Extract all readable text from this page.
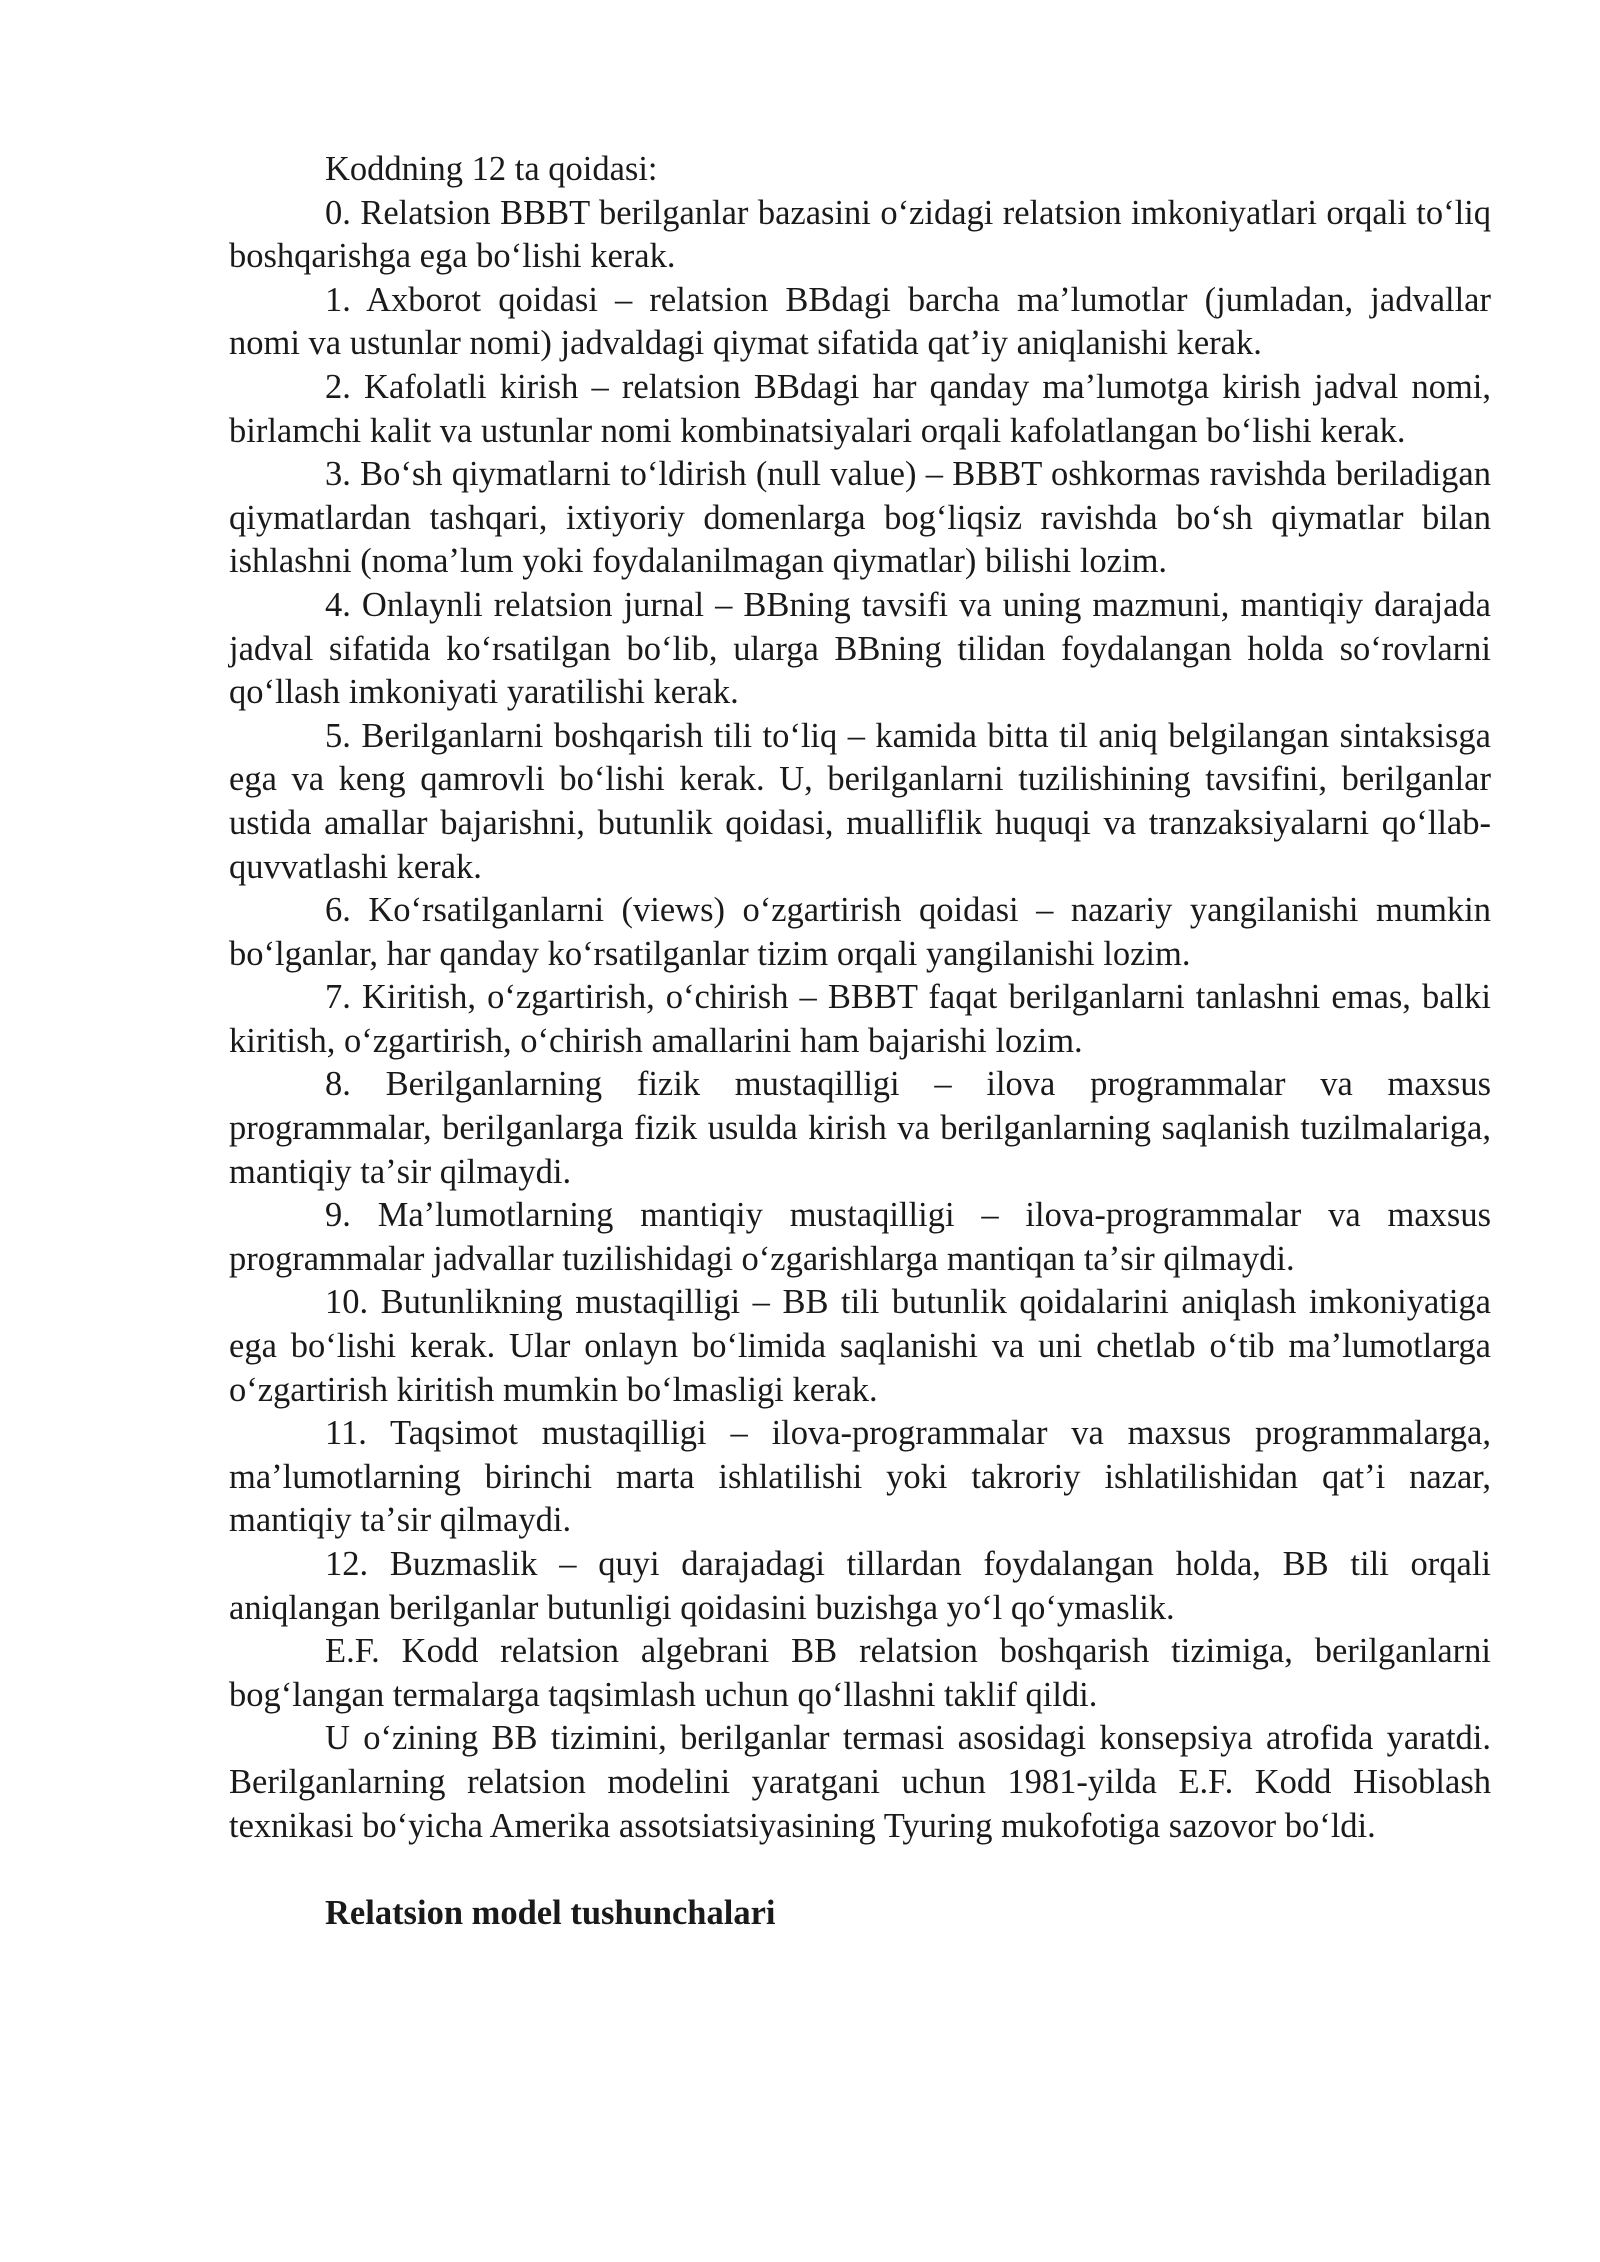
Koddning 12 ta qoidasi:

0. Relatsion BBBT berilganlar bazasini oʻzidagi relatsion imkoniyatlari orqali toʻliq boshqarishga ega boʻlishi kerak.

1. Axborot qoidasi – relatsion BBdagi barcha maʼlumotlar (jumladan, jadvallar nomi va ustunlar nomi) jadvaldagi qiymat sifatida qatʼiy aniqlanishi kerak.

2. Kafolatli kirish – relatsion BBdagi har qanday maʼlumotga kirish jadval nomi, birlamchi kalit va ustunlar nomi kombinatsiyalari orqali kafolatlangan boʻlishi kerak.

3. Boʻsh qiymatlarni toʻldirish (null value) – BBBT oshkormas ravishda beriladigan qiymatlardan tashqari, ixtiyoriy domenlarga bogʻliqsiz ravishda boʻsh qiymatlar bilan ishlashni (nomaʼlum yoki foydalanilmagan qiymatlar) bilishi lozim.

4. Onlaynli relatsion jurnal – BBning tavsifi va uning mazmuni, mantiqiy darajada jadval sifatida koʻrsatilgan boʻlib, ularga BBning tilidan foydalangan holda soʻrovlarni qoʻllash imkoniyati yaratilishi kerak.

5. Berilganlarni boshqarish tili toʻliq – kamida bitta til aniq belgilangan sintaksisga ega va keng qamrovli boʻlishi kerak. U, berilganlarni tuzilishining tavsifini, berilganlar ustida amallar bajarishni, butunlik qoidasi, mualliflik huquqi va tranzaksiyalarni qoʻllab-quvvatlashi kerak.

6. Koʻrsatilganlarni (views) oʻzgartirish qoidasi – nazariy yangilanishi mumkin boʻlganlar, har qanday koʻrsatilganlar tizim orqali yangilanishi lozim.

7. Kiritish, oʻzgartirish, oʻchirish – BBBT faqat berilganlarni tanlashni emas, balki kiritish, oʻzgartirish, oʻchirish amallarini ham bajarishi lozim.

8. Berilganlarning fizik mustaqilligi – ilova programmalar va maxsus programmalar, berilganlarga fizik usulda kirish va berilganlarning saqlanish tuzilmalariga, mantiqiy taʼsir qilmaydi.

9. Maʼlumotlarning mantiqiy mustaqilligi – ilova-programmalar va maxsus programmalar jadvallar tuzilishidagi oʻzgarishlarga mantiqan taʼsir qilmaydi.

10. Butunlikning mustaqilligi – BB tili butunlik qoidalarini aniqlash imkoniyatiga ega boʻlishi kerak. Ular onlayn boʻlimida saqlanishi va uni chetlab oʻtib maʼlumotlarga oʻzgartirish kiritish mumkin boʻlmasligi kerak.

11. Taqsimot mustaqilligi – ilova-programmalar va maxsus programmalarga, maʼlumotlarning birinchi marta ishlatilishi yoki takroriy ishlatilishidan qatʼi nazar, mantiqiy taʼsir qilmaydi.

12. Buzmaslik – quyi darajadagi tillardan foydalangan holda, BB tili orqali aniqlangan berilganlar butunligi qoidasini buzishga yoʻl qoʻymaslik.

E.F. Kodd relatsion algebrani BB relatsion boshqarish tizimiga, berilganlarni bogʻlangan termalarga taqsimlash uchun qoʻllashni taklif qildi.

U oʻzining BB tizimini, berilganlar termasi asosidagi konsepsiya atrofida yaratdi. Berilganlarning relatsion modelini yaratgani uchun 1981-yilda E.F. Kodd Hisoblash texnikasi boʻyicha Amerika assotsiatsiyasining Tyuring mukofotiga sazovor boʻldi.

Relatsion model tushunchalari
